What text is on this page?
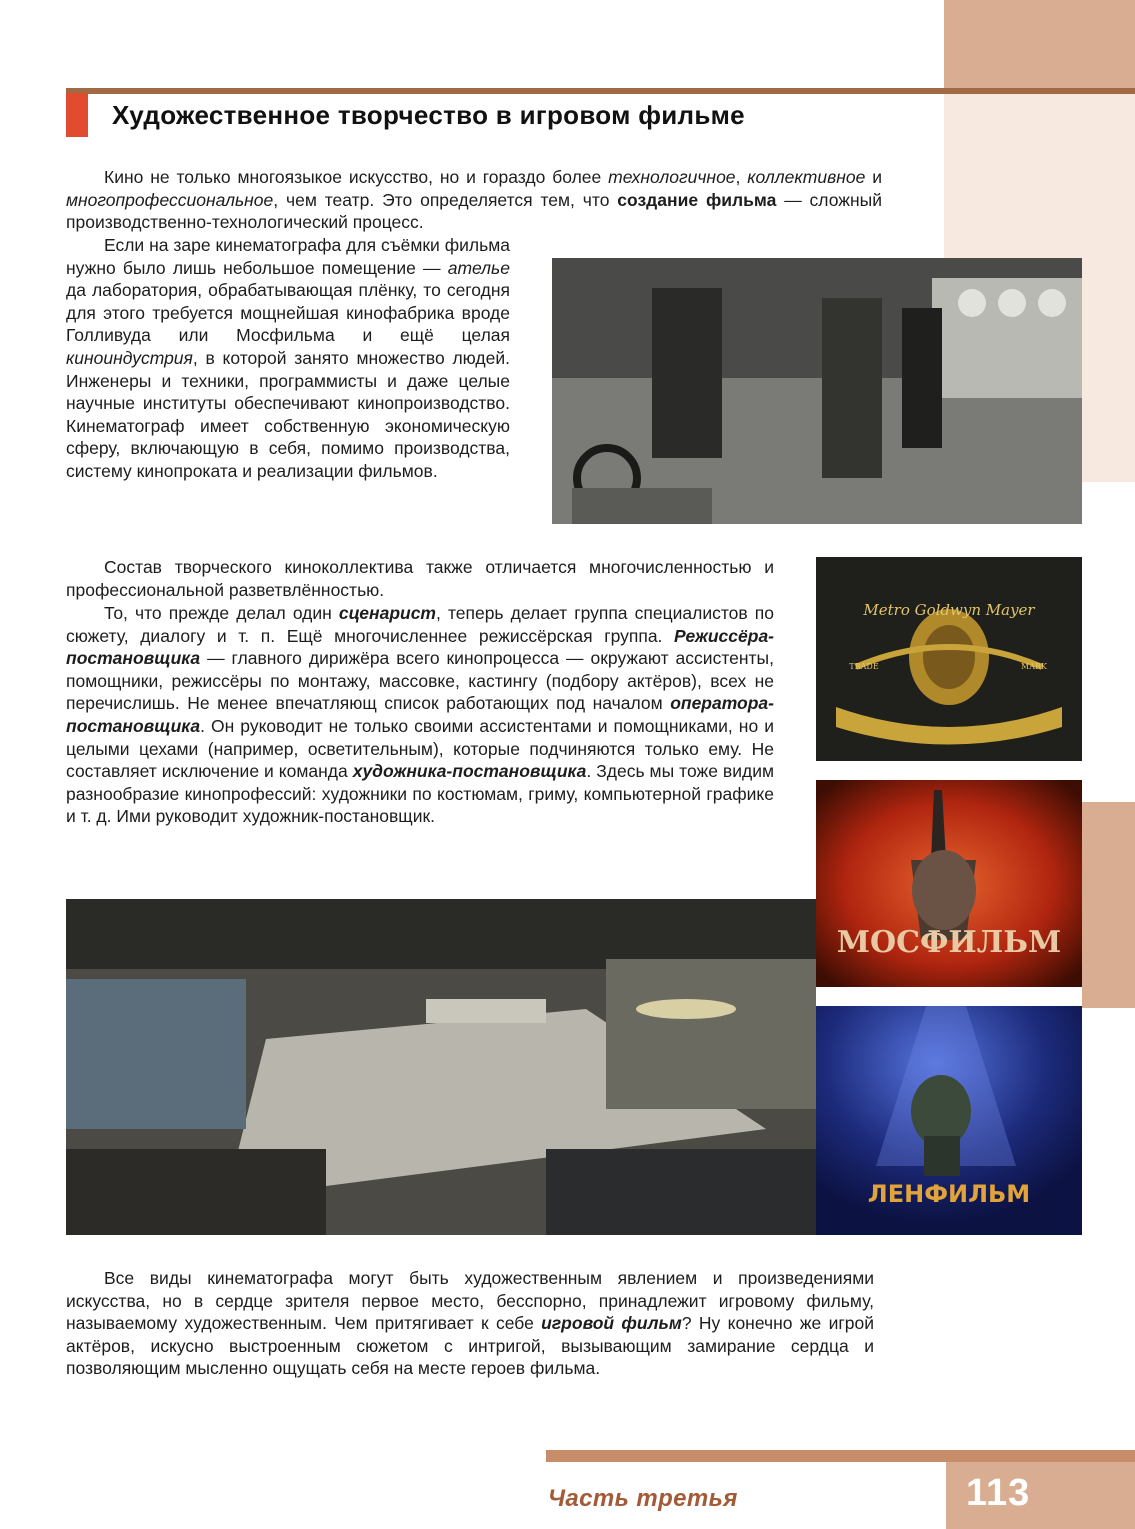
Художественное творчество в игровом фильме

Кино не только многоязыкое искусство, но и гораздо более технологичное, коллективное и многопрофессиональное, чем театр. Это определяется тем, что создание фильма — сложный производственно-технологический процесс.

Если на заре кинематографа для съёмки фильма нужно было лишь небольшое помещение — ателье да лаборатория, обрабатывающая плёнку, то сегодня для этого требуется мощнейшая кинофабрика вроде Голливуда или Мосфильма и ещё целая киноиндустрия, в которой занято множество людей. Инженеры и техники, программисты и даже целые научные институты обеспечивают кинопроизводство. Кинематограф имеет собственную экономическую сферу, включающую в себя, помимо производства, систему кинопроката и реализации фильмов.

Состав творческого киноколлектива также отличается многочисленностью и профессиональной разветвлённостью.

То, что прежде делал один сценарист, теперь делает группа специалистов по сюжету, диалогу и т. п. Ещё многочисленнее режиссёрская группа. Режиссёра-постановщика — главного дирижёра всего кинопроцесса — окружают ассистенты, помощники, режиссёры по монтажу, массовке, кастингу (подбору актёров), всех не перечислишь. Не менее впечатляющ список работающих под началом оператора-постановщика. Он руководит не только своими ассистентами и помощниками, но и целыми цехами (например, осветительным), которые подчиняются только ему. Не составляет исключение и команда художника-постановщика. Здесь мы тоже видим разнообразие кинопрофессий: художники по костюмам, гриму, компьютерной графике и т. д. Ими руководит художник-постановщик.

Metro Goldwyn Mayer
TRADE	MARK
МОСФИЛЬМ
ЛЕНФИЛЬМ

Все виды кинематографа могут быть художественным явлением и произведениями искусства, но в сердце зрителя первое место, бесспорно, принадлежит игровому фильму, называемому художественным. Чем притягивает к себе игровой фильм? Ну конечно же игрой актёров, искусно выстроенным сюжетом с интригой, вызывающим замирание сердца и позволяющим мысленно ощущать себя на месте героев фильма.

Часть третья	113
